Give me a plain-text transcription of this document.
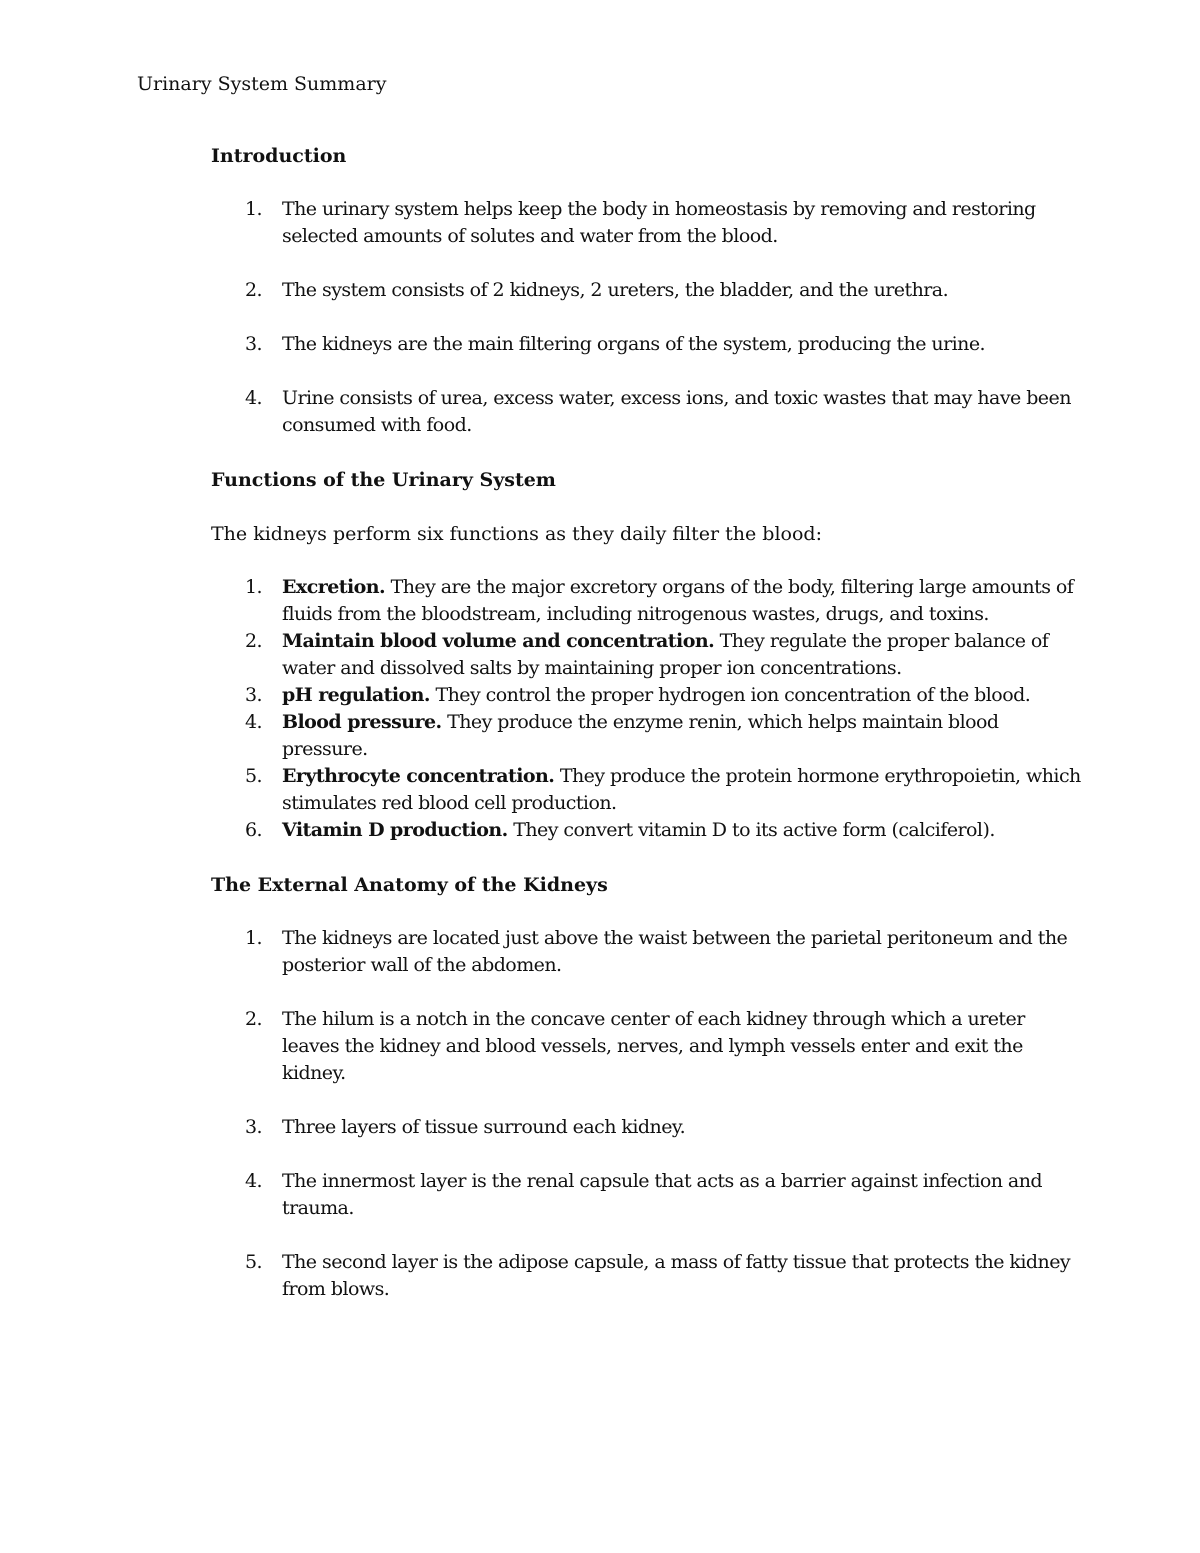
Urinary System Summary
Introduction
1. The urinary system helps keep the body in homeostasis by removing and restoring selected amounts of solutes and water from the blood.
2. The system consists of 2 kidneys, 2 ureters, the bladder, and the urethra.
3. The kidneys are the main filtering organs of the system, producing the urine.
4. Urine consists of urea, excess water, excess ions, and toxic wastes that may have been consumed with food.
Functions of the Urinary System

The kidneys perform six functions as they daily filter the blood:

1. Excretion. They are the major excretory organs of the body, filtering large amounts of fluids from the bloodstream, including nitrogenous wastes, drugs, and toxins.
2. Maintain blood volume and concentration. They regulate the proper balance of water and dissolved salts by maintaining proper ion concentrations.
3. pH regulation. They control the proper hydrogen ion concentration of the blood.
4. Blood pressure. They produce the enzyme renin, which helps maintain blood pressure.
5. Erythrocyte concentration. They produce the protein hormone erythropoietin, which stimulates red blood cell production.
6. Vitamin D production. They convert vitamin D to its active form (calciferol).
The External Anatomy of the Kidneys
1. The kidneys are located just above the waist between the parietal peritoneum and the posterior wall of the abdomen.
2. The hilum is a notch in the concave center of each kidney through which a ureter leaves the kidney and blood vessels, nerves, and lymph vessels enter and exit the kidney.
3. Three layers of tissue surround each kidney.
4. The innermost layer is the renal capsule that acts as a barrier against infection and trauma.
5. The second layer is the adipose capsule, a mass of fatty tissue that protects the kidney from blows.
